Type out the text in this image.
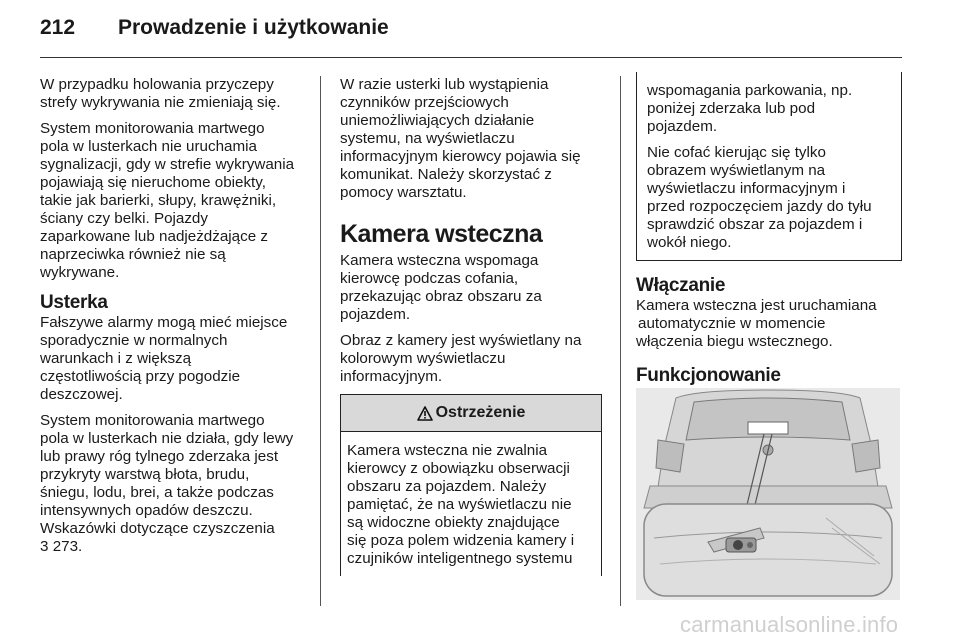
212 Prowadzenie i użytkowanie

W przypadku holowania przyczepy
strefy wykrywania nie zmieniają się.

System monitorowania martwego
pola w lusterkach nie uruchamia
sygnalizacji, gdy w strefie wykrywania
pojawiają się nieruchome obiekty,
takie jak barierki, słupy, krawężniki,
ściany czy belki. Pojazdy
zaparkowane lub nadjeżdżające z
naprzeciwka również nie są
wykrywane.

Usterka

Fałszywe alarmy mogą mieć miejsce
sporadycznie w normalnych
warunkach i z większą
częstotliwością przy pogodzie
deszczowej.

System monitorowania martwego
pola w lusterkach nie działa, gdy lewy
lub prawy róg tylnego zderzaka jest
przykryty warstwą błota, brudu,
śniegu, lodu, brei, a także podczas
intensywnych opadów deszczu.
Wskazówki dotyczące czyszczenia
3 273.

W razie usterki lub wystąpienia
czynników przejściowych
uniemożliwiających działanie
systemu, na wyświetlaczu
informacyjnym kierowcy pojawia się
komunikat. Należy skorzystać z
pomocy warsztatu.

Kamera wsteczna

Kamera wsteczna wspomaga
kierowcę podczas cofania,
przekazując obraz obszaru za
pojazdem.

Obraz z kamery jest wyświetlany na
kolorowym wyświetlaczu
informacyjnym.

Ostrzeżenie
Kamera wsteczna nie zwalnia
kierowcy z obowiązku obserwacji
obszaru za pojazdem. Należy
pamiętać, że na wyświetlaczu nie
są widoczne obiekty znajdujące
się poza polem widzenia kamery i
czujników inteligentnego systemu

wspomagania parkowania, np.
poniżej zderzaka lub pod
pojazdem.

Nie cofać kierując się tylko
obrazem wyświetlanym na
wyświetlaczu informacyjnym i
przed rozpoczęciem jazdy do tyłu
sprawdzić obszar za pojazdem i
wokół niego.

Włączanie

Kamera wsteczna jest uruchamiana
automatycznie w momencie
włączenia biegu wstecznego.

Funkcjonowanie
carmanualsonline.info
